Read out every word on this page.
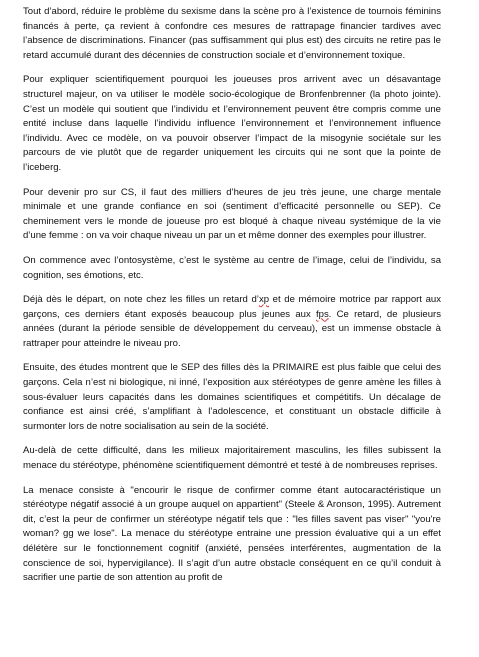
Tout d’abord, réduire le problème du sexisme dans la scène pro à l’existence de tournois féminins financés à perte, ça revient à confondre ces mesures de rattrapage financier tardives avec l’absence de discriminations. Financer (pas suffisamment qui plus est) des circuits ne retire pas le retard accumulé durant des décennies de construction sociale et d’environnement toxique.

Pour expliquer scientifiquement pourquoi les joueuses pros arrivent avec un désavantage structurel majeur, on va utiliser le modèle socio-écologique de Bronfenbrenner (la photo jointe). C’est un modèle qui soutient que l’individu et l’environnement peuvent être compris comme une entité incluse dans laquelle l’individu influence l’environnement et l’environnement influence l’individu. Avec ce modèle, on va pouvoir observer l’impact de la misogynie sociétale sur les parcours de vie plutôt que de regarder uniquement les circuits qui ne sont que la pointe de l’iceberg.

Pour devenir pro sur CS, il faut des milliers d’heures de jeu très jeune, une charge mentale minimale et une grande confiance en soi (sentiment d’efficacité personnelle ou SEP). Ce cheminement vers le monde de joueuse pro est bloqué à chaque niveau systémique de la vie d’une femme : on va voir chaque niveau un par un et même donner des exemples pour illustrer.

On commence avec l’ontosystème, c’est le système au centre de l’image, celui de l’individu, sa cognition, ses émotions, etc.

Déjà dès le départ, on note chez les filles un retard d’xp et de mémoire motrice par rapport aux garçons, ces derniers étant exposés beaucoup plus jeunes aux fps. Ce retard, de plusieurs années (durant la période sensible de développement du cerveau), est un immense obstacle à rattraper pour atteindre le niveau pro.

Ensuite, des études montrent que le SEP des filles dès la PRIMAIRE est plus faible que celui des garçons. Cela n’est ni biologique, ni inné, l’exposition aux stéréotypes de genre amène les filles à sous-évaluer leurs capacités dans les domaines scientifiques et compétitifs. Un décalage de confiance est ainsi créé, s’amplifiant à l’adolescence, et constituant un obstacle difficile à surmonter lors de notre socialisation au sein de la société.

Au-delà de cette difficulté, dans les milieux majoritairement masculins, les filles subissent la menace du stéréotype, phénomène scientifiquement démontré et testé à de nombreuses reprises.

La menace consiste à "encourir le risque de confirmer comme étant autocaractéristique un stéréotype négatif associé à un groupe auquel on appartient" (Steele & Aronson, 1995). Autrement dit, c’est la peur de confirmer un stéréotype négatif tels que : "les filles savent pas viser" "you're woman? gg we lose". La menace du stéréotype entraine une pression évaluative qui a un effet délétère sur le fonctionnement cognitif (anxiété, pensées interférentes, augmentation de la conscience de soi, hypervigilance). Il s’agit d’un autre obstacle conséquent en ce qu’il conduit à sacrifier une partie de son attention au profit de
